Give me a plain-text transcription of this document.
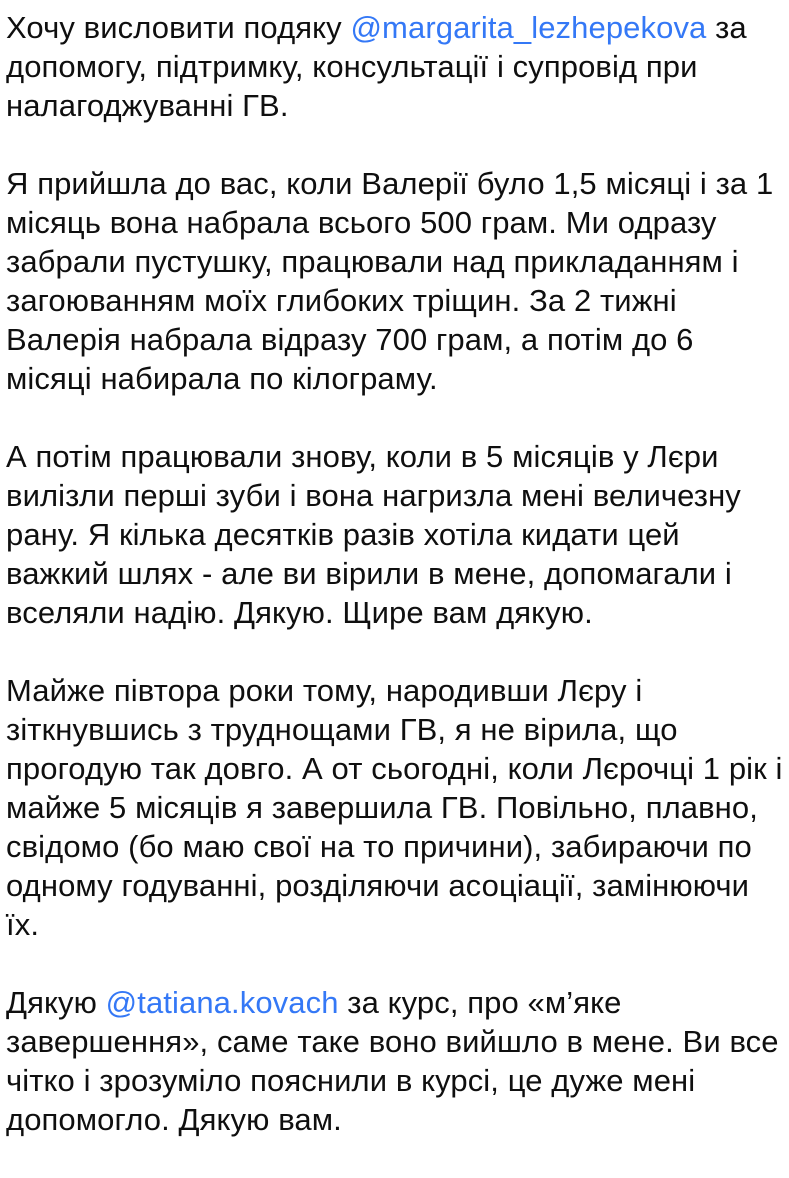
Хочу висловити подяку @margarita_lezhepekova за допомогу, підтримку, консультації і супровід при налагоджуванні ГВ.

Я прийшла до вас, коли Валерії було 1,5 місяці і за 1 місяць вона набрала всього 500 грам. Ми одразу забрали пустушку, працювали над прикладанням і загоюванням моїх глибоких тріщин. За 2 тижні Валерія набрала відразу 700 грам, а потім до 6 місяці набирала по кілограму.

А потім працювали знову, коли в 5 місяців у Лєри вилізли перші зуби і вона нагризла мені величезну рану. Я кілька десятків разів хотіла кидати цей важкий шлях - але ви вірили в мене, допомагали і вселяли надію. Дякую. Щире вам дякую.

Майже півтора роки тому, народивши Лєру і зіткнувшись з труднощами ГВ, я не вірила, що прогодую так довго. А от сьогодні, коли Лєрочці 1 рік і майже 5 місяців я завершила ГВ. Повільно, плавно, свідомо (бо маю свої на то причини), забираючи по одному годуванні, розділяючи асоціації, замінюючи їх.

Дякую @tatiana.kovach за курс, про «м’яке завершення», саме таке воно вийшло в мене. Ви все чітко і зрозуміло пояснили в курсі, це дуже мені допомогло. Дякую вам.
